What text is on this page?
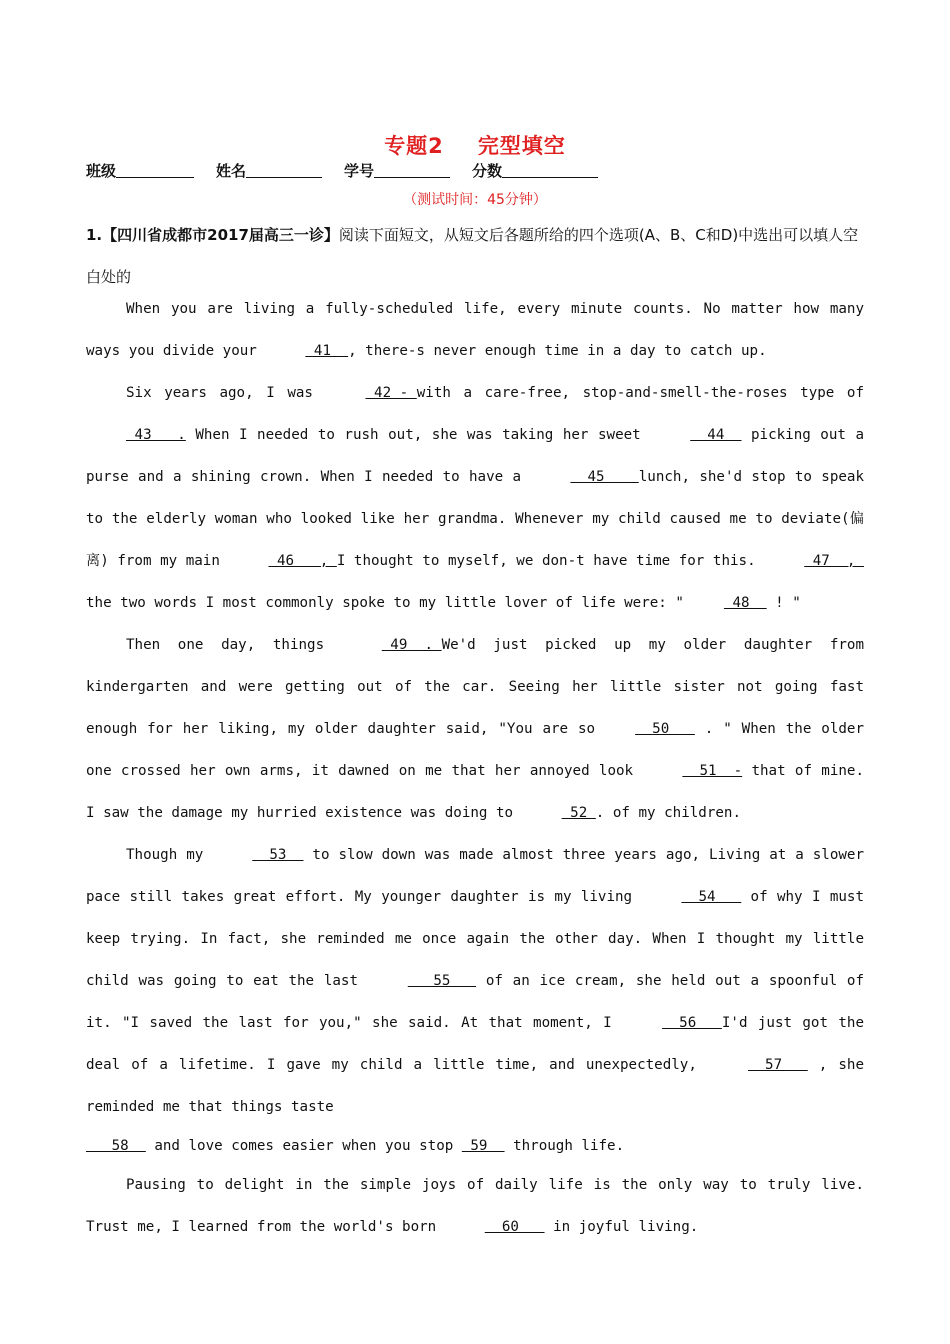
专题2 完型填空
班级	姓名	学号	分数
（测试时间：45分钟）
1.【四川省成都市2017届高三一诊】阅读下面短文，从短文后各题所给的四个选项(A、B、C和D)中选出可以填人空白处的

When you are living a fully-scheduled life, every minute counts. No matter how many ways you divide your	41  , there-s never enough time in a day to catch up.

Six years ago, I was	42 - with a care-free, stop-and-smell-the-roses type of  43   . When I needed to rush out, she was taking her sweet	44   picking out a purse and a shining crown. When I needed to have a	45    lunch, she'd stop to speak to the elderly woman who looked like her grandma. Whenever my child caused me to deviate(偏离) from my main	46   , I thought to myself, we don-t have time for this.	47  , the two words I most commonly spoke to my little lover of life were: "	48   ! "

Then one day, things	49  . We'd just picked up my older daughter from kindergarten and were getting out of the car. Seeing her little sister not going fast enough for her liking, my older daughter said, "You are so	50    . " When the older one crossed her own arms, it dawned on me that her annoyed look	51  - that of mine. I saw the damage my hurried existence was doing to	52 . of my children.

Though my	53   to slow down was made almost three years ago, Living at a slower pace still takes great effort. My younger daughter is my living	54    of why I must keep trying. In fact, she reminded me once again the other day. When I thought my little child was going to eat the last	55    of an ice cream, she held out a spoonful of it. "I saved the last for you," she said. At that moment, I	56   I'd just got the deal of a lifetime. I gave my child a little time, and unexpectedly,	57    , she reminded me that things taste

58   and love comes easier when you stop  59   through life.

Pausing to delight in the simple joys of daily life is the only way to truly live. Trust me, I learned from the world's born	60    in joyful living.
